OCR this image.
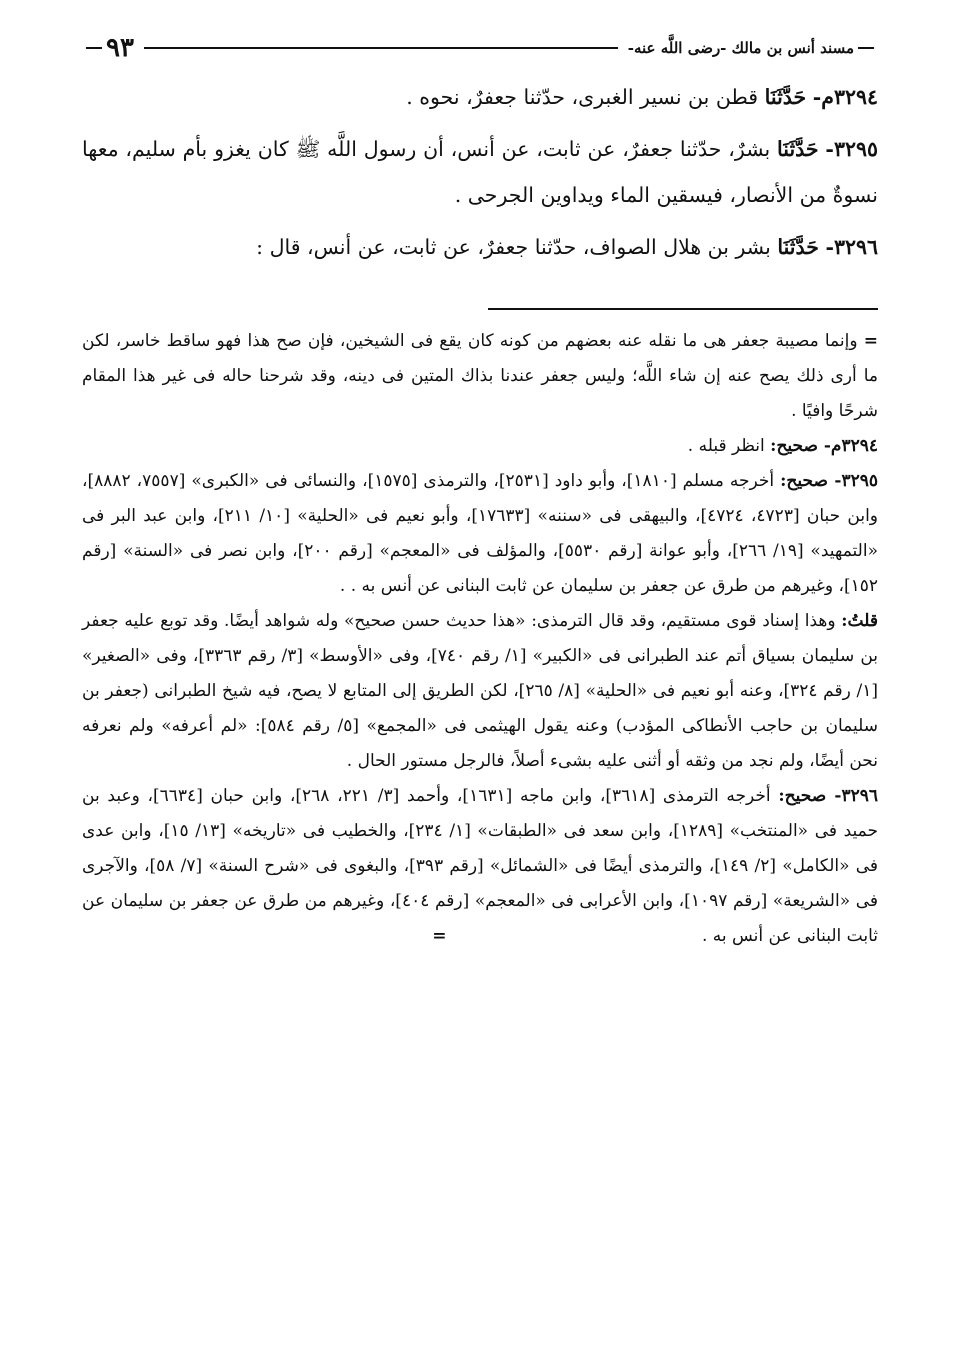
مسند أنس بن مالك -رضى اللَّه عنه-
٩٣
٣٢٩٤م- حَدَّثَنَا قطن بن نسير الغبرى، حدّثنا جعفرٌ، نحوه .
٣٢٩٥- حَدَّثَنَا بشرٌ، حدّثنا جعفرٌ، عن ثابت، عن أنس، أن رسول اللَّه ﷺ كان يغزو بأم سليم، معها نسوةٌ من الأنصار، فيسقين الماء ويداوين الجرحى .
٣٢٩٦- حَدَّثَنَا بشر بن هلال الصواف، حدّثنا جعفرٌ، عن ثابت، عن أنس، قال :

= وإنما مصيبة جعفر هى ما نقله عنه بعضهم من كونه كان يقع فى الشيخين، فإن صح هذا فهو ساقط خاسر، لكن ما أرى ذلك يصح عنه إن شاء اللَّه؛ وليس جعفر عندنا بذاك المتين فى دينه، وقد شرحنا حاله فى غير هذا المقام شرحًا وافيًا .

٣٢٩٤م- صحيح: انظر قبله .

٣٢٩٥- صحيح: أخرجه مسلم [١٨١٠]، وأبو داود [٢٥٣١]، والترمذى [١٥٧٥]، والنسائى فى «الكبرى» [٧٥٥٧، ٨٨٨٢]، وابن حبان [٤٧٢٣، ٤٧٢٤]، والبيهقى فى «سننه» [١٧٦٣٣]، وأبو نعيم فى «الحلية» [١٠/ ٢١١]، وابن عبد البر فى «التمهيد» [١٩/ ٢٦٦]، وأبو عوانة [رقم ٥٥٣٠]، والمؤلف فى «المعجم» [رقم ٢٠٠]، وابن نصر فى «السنة» [رقم ١٥٢]، وغيرهم من طرق عن جعفر بن سليمان عن ثابت البنانى عن أنس به . .

قلتُ: وهذا إسناد قوى مستقيم، وقد قال الترمذى: «هذا حديث حسن صحيح» وله شواهد أيضًا. وقد توبع عليه جعفر بن سليمان بسياق أتم عند الطبرانى فى «الكبير» [١/ رقم ٧٤٠]، وفى «الأوسط» [٣/ رقم ٣٣٦٣]، وفى «الصغير» [١/ رقم ٣٢٤]، وعنه أبو نعيم فى «الحلية» [٨/ ٢٦٥]، لكن الطريق إلى المتابع لا يصح، فيه شيخ الطبرانى (جعفر بن سليمان بن حاجب الأنطاكى المؤدب) وعنه يقول الهيثمى فى «المجمع» [٥/ رقم ٥٨٤]: «لم أعرفه» ولم نعرفه نحن أيضًا، ولم نجد من وثقه أو أثنى عليه بشىء أصلاً، فالرجل مستور الحال .

٣٢٩٦- صحيح: أخرجه الترمذى [٣٦١٨]، وابن ماجه [١٦٣١]، وأحمد [٣/ ٢٢١، ٢٦٨]، وابن حبان [٦٦٣٤]، وعبد بن حميد فى «المنتخب» [١٢٨٩]، وابن سعد فى «الطبقات» [١/ ٢٣٤]، والخطيب فى «تاريخه» [١٣/ ١٥]، وابن عدى فى «الكامل» [٢/ ١٤٩]، والترمذى أيضًا فى «الشمائل» [رقم ٣٩٣]، والبغوى فى «شرح السنة» [٧/ ٥٨]، والآجرى فى «الشريعة» [رقم ١٠٩٧]، وابن الأعرابى فى «المعجم» [رقم ٤٠٤]، وغيرهم من طرق عن جعفر بن سليمان عن ثابت البنانى عن أنس به . =
